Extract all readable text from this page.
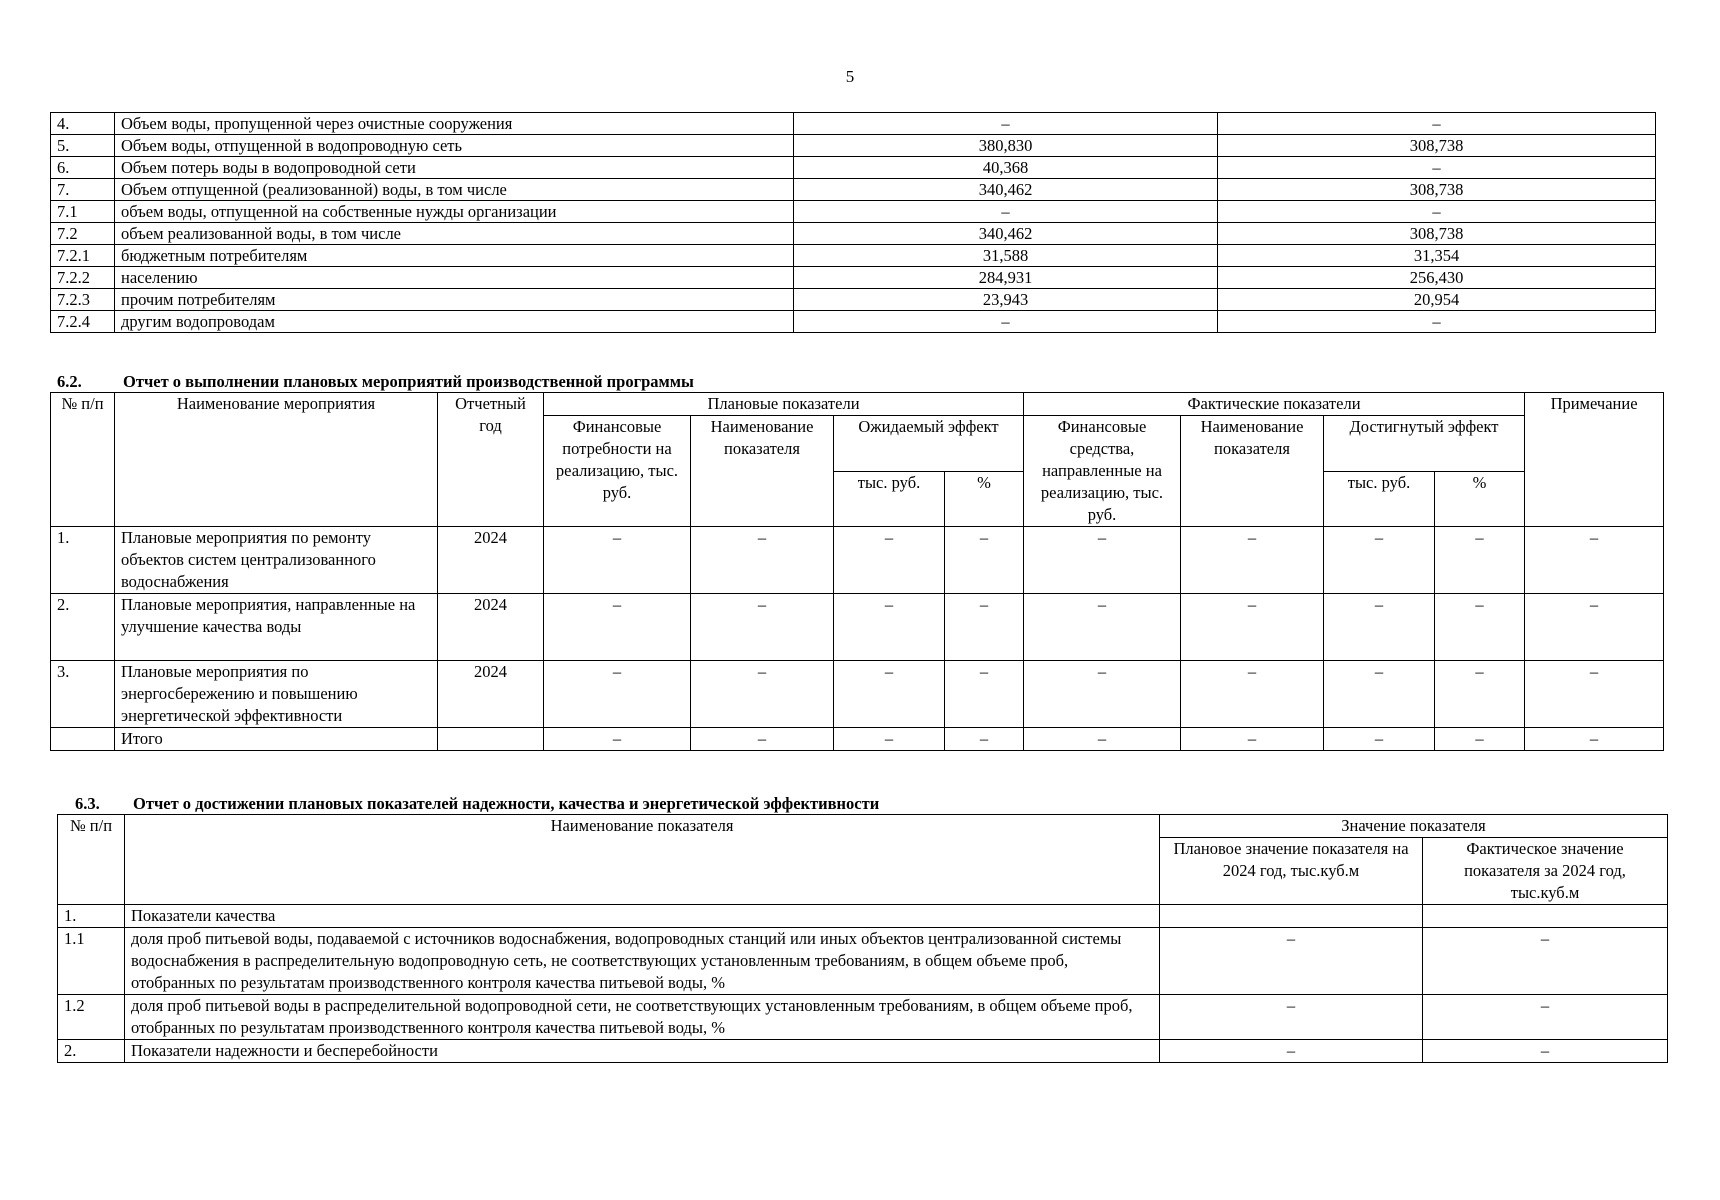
5
4.	Объем воды, пропущенной через очистные сооружения	–	–
5.	Объем воды, отпущенной в водопроводную сеть	380,830	308,738
6.	Объем потерь воды в водопроводной сети	40,368	–
7.	Объем отпущенной (реализованной) воды, в том числе	340,462	308,738
7.1	объем воды, отпущенной на собственные нужды организации	–	–
7.2	объем реализованной воды, в том числе	340,462	308,738
7.2.1	бюджетным потребителям	31,588	31,354
7.2.2	населению	284,931	256,430
7.2.3	прочим потребителям	23,943	20,954
7.2.4	другим водопроводам	–	–
6.2.	Отчет о выполнении плановых мероприятий производственной программы
№ п/п	Наименование мероприятия	Отчетный год	Плановые показатели				Фактические показатели				Примечание
			Финансовые потребности на реализацию, тыс. руб.	Наименование показателя	Ожидаемый эффект		Финансовые средства, направленные на реализацию, тыс. руб.	Наименование показателя	Достигнутый эффект		
					тыс. руб.	%			тыс. руб.	%	
1.	Плановые мероприятия по ремонту объектов систем централизованного водоснабжения	2024	–	–	–	–	–	–	–	–	–
2.	Плановые мероприятия, направленные на улучшение качества воды	2024	–	–	–	–	–	–	–	–	–
3.	Плановые мероприятия по энергосбережению и повышению энергетической эффективности	2024	–	–	–	–	–	–	–	–	–
	Итого		–	–	–	–	–	–	–	–	–
6.3. Отчет о достижении плановых показателей надежности, качества и энергетической эффективности
№ п/п	Наименование показателя	Значение показателя	
		Плановое значение показателя на 2024 год, тыс.куб.м	Фактическое значение показателя за 2024 год, тыс.куб.м
1.	Показатели качества		
1.1	доля проб питьевой воды, подаваемой с источников водоснабжения, водопроводных станций или иных объектов централизованной системы водоснабжения в распределительную водопроводную сеть, не соответствующих установленным требованиям, в общем объеме проб, отобранных по результатам производственного контроля качества питьевой воды, %	–	–
1.2	доля проб питьевой воды в распределительной водопроводной сети, не соответствующих установленным требованиям, в общем объеме проб, отобранных по результатам производственного контроля качества питьевой воды, %	–	–
2.	Показатели надежности и бесперебойности	–	–
